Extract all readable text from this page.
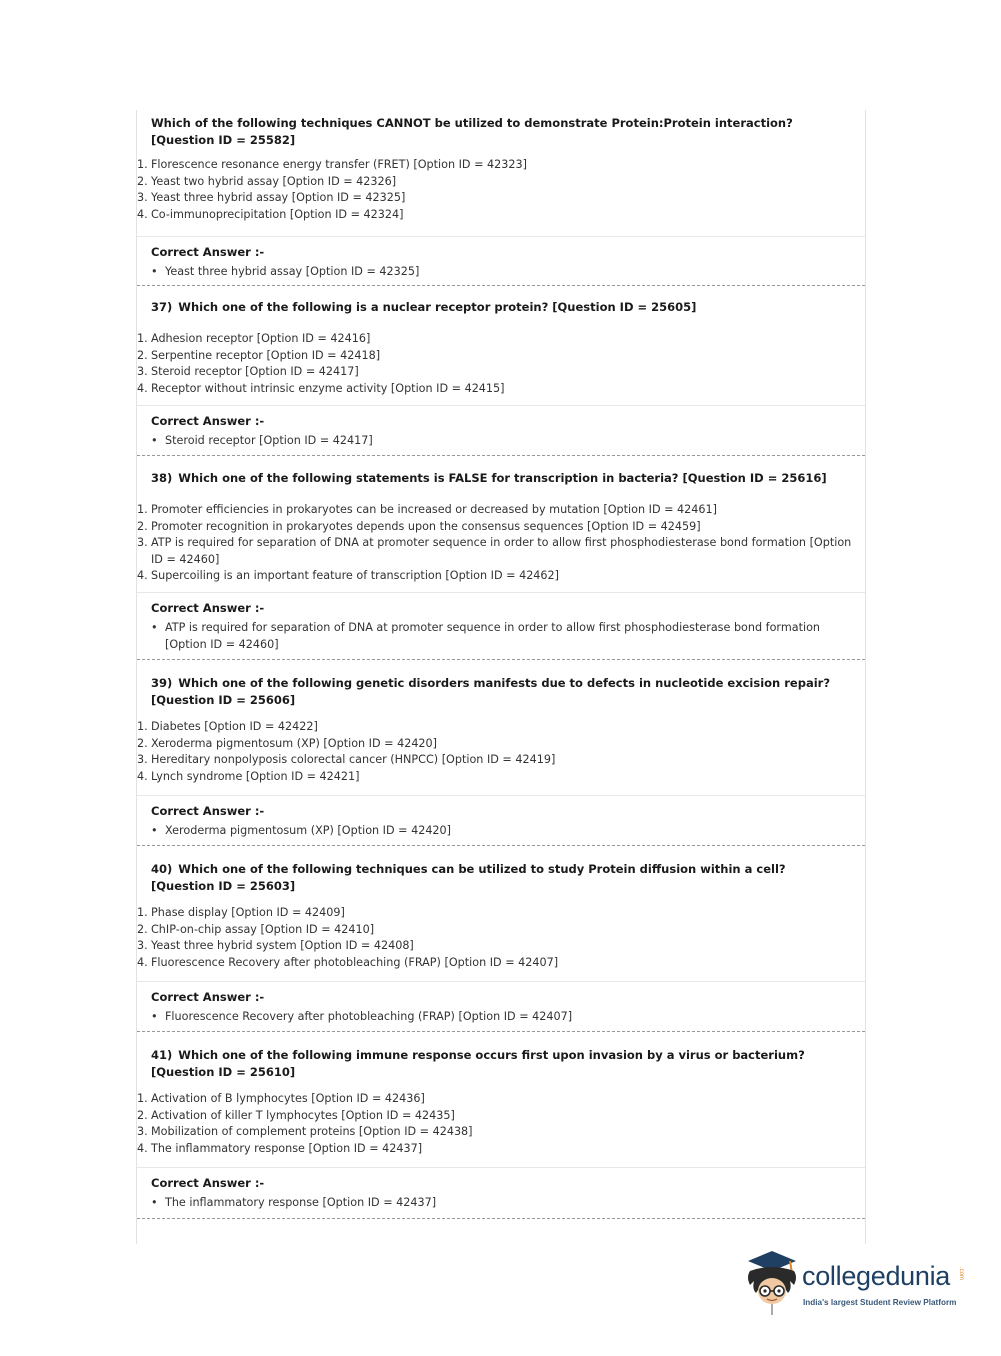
Which of the following techniques CANNOT be utilized to demonstrate Protein:Protein interaction? [Question ID = 25582]

1. Florescence resonance energy transfer (FRET) [Option ID = 42323]
2. Yeast two hybrid assay [Option ID = 42326]
3. Yeast three hybrid assay [Option ID = 42325]
4. Co-immunoprecipitation [Option ID = 42324]
Correct Answer :-
• Yeast three hybrid assay [Option ID = 42325]

37) Which one of the following is a nuclear receptor protein? [Question ID = 25605]

1. Adhesion receptor [Option ID = 42416]
2. Serpentine receptor [Option ID = 42418]
3. Steroid receptor [Option ID = 42417]
4. Receptor without intrinsic enzyme activity [Option ID = 42415]
Correct Answer :-
• Steroid receptor [Option ID = 42417]

38) Which one of the following statements is FALSE for transcription in bacteria? [Question ID = 25616]

1. Promoter efficiencies in prokaryotes can be increased or decreased by mutation [Option ID = 42461]
2. Promoter recognition in prokaryotes depends upon the consensus sequences [Option ID = 42459]
3. ATP is required for separation of DNA at promoter sequence in order to allow first phosphodiesterase bond formation [Option ID = 42460]
4. Supercoiling is an important feature of transcription [Option ID = 42462]
Correct Answer :-
• ATP is required for separation of DNA at promoter sequence in order to allow first phosphodiesterase bond formation [Option ID = 42460]

39) Which one of the following genetic disorders manifests due to defects in nucleotide excision repair? [Question ID = 25606]

1. Diabetes [Option ID = 42422]
2. Xeroderma pigmentosum (XP) [Option ID = 42420]
3. Hereditary nonpolyposis colorectal cancer (HNPCC) [Option ID = 42419]
4. Lynch syndrome [Option ID = 42421]
Correct Answer :-
• Xeroderma pigmentosum (XP) [Option ID = 42420]

40) Which one of the following techniques can be utilized to study Protein diffusion within a cell? [Question ID = 25603]

1. Phase display [Option ID = 42409]
2. ChIP-on-chip assay [Option ID = 42410]
3. Yeast three hybrid system [Option ID = 42408]
4. Fluorescence Recovery after photobleaching (FRAP) [Option ID = 42407]
Correct Answer :-
• Fluorescence Recovery after photobleaching (FRAP) [Option ID = 42407]

41) Which one of the following immune response occurs first upon invasion by a virus or bacterium? [Question ID = 25610]

1. Activation of B lymphocytes [Option ID = 42436]
2. Activation of killer T lymphocytes [Option ID = 42435]
3. Mobilization of complement proteins [Option ID = 42438]
4. The inflammatory response [Option ID = 42437]
Correct Answer :-
• The inflammatory response [Option ID = 42437]
collegedunia .com
India's largest Student Review Platform
